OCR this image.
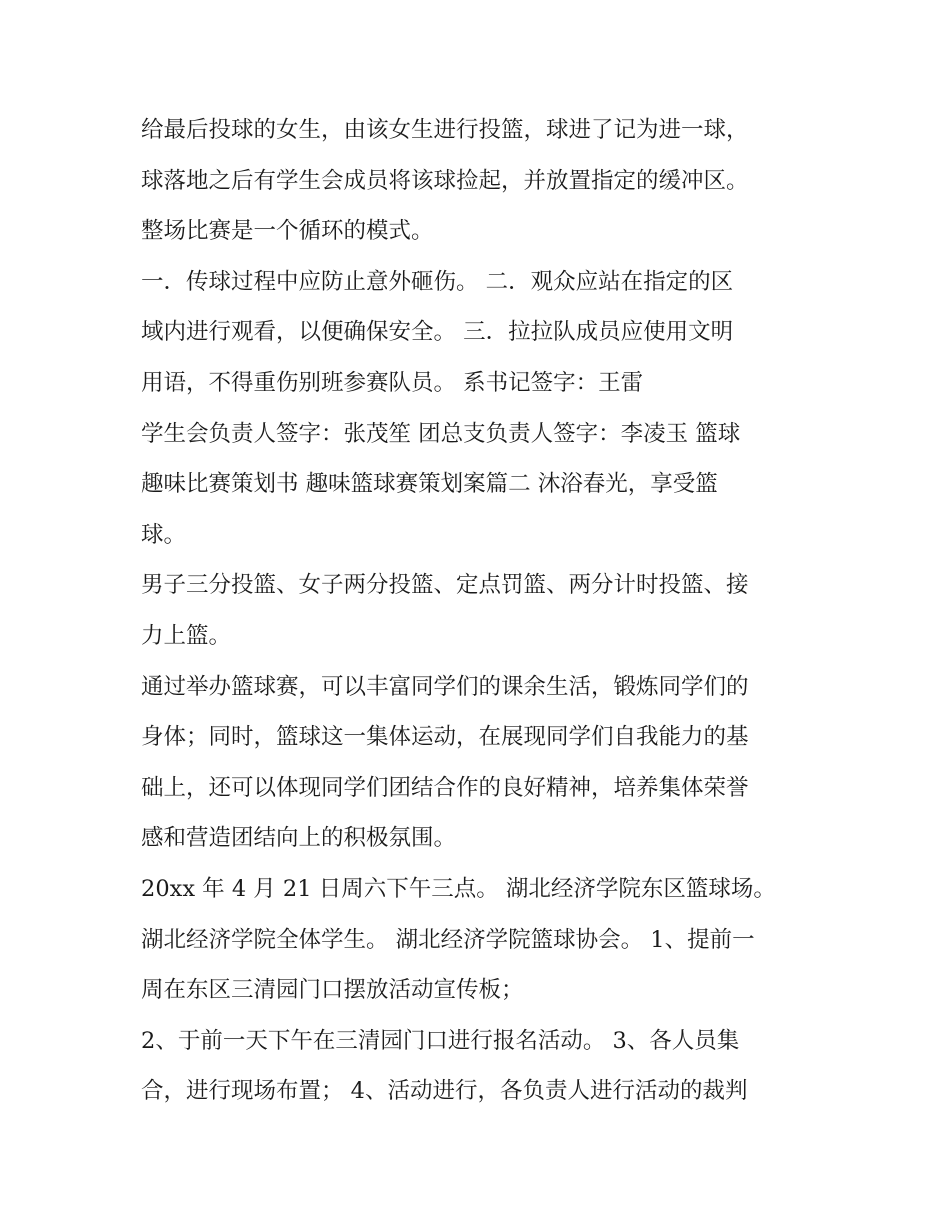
给最后投球的女生，由该女生进行投篮，球进了记为进一球，
球落地之后有学生会成员将该球捡起，并放置指定的缓冲区。
整场比赛是一个循环的模式。
一．传球过程中应防止意外砸伤。 二．观众应站在指定的区
域内进行观看，以便确保安全。 三．拉拉队成员应使用文明
用语，不得重伤别班参赛队员。 系书记签字：王雷
学生会负责人签字：张茂笙 团总支负责人签字：李凌玉 篮球
趣味比赛策划书 趣味篮球赛策划案篇二 沐浴春光，享受篮
球。
男子三分投篮、女子两分投篮、定点罚篮、两分计时投篮、接
力上篮。
通过举办篮球赛，可以丰富同学们的课余生活，锻炼同学们的
身体；同时，篮球这一集体运动，在展现同学们自我能力的基
础上，还可以体现同学们团结合作的良好精神，培养集体荣誉
感和营造团结向上的积极氛围。
20xx 年 4 月 21 日周六下午三点。 湖北经济学院东区篮球场。
湖北经济学院全体学生。 湖北经济学院篮球协会。 1、提前一
周在东区三清园门口摆放活动宣传板；
2、于前一天下午在三清园门口进行报名活动。 3、各人员集
合，进行现场布置； 4、活动进行，各负责人进行活动的裁判
